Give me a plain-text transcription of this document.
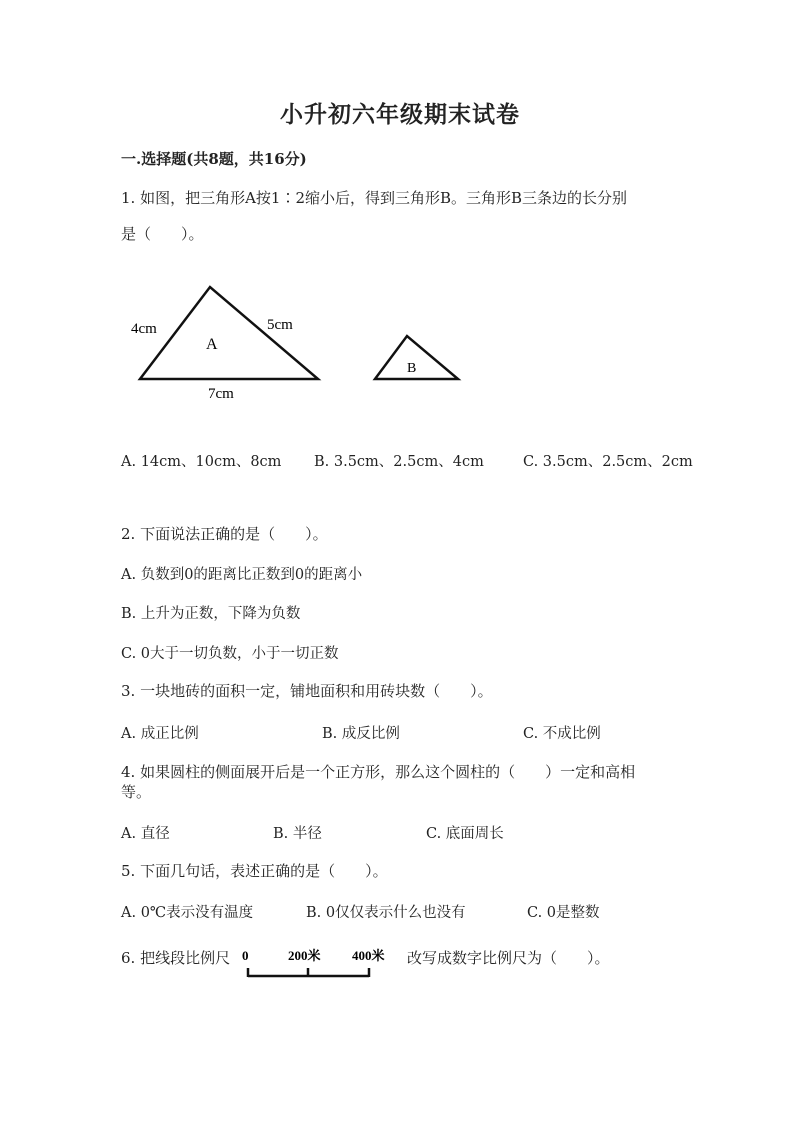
小升初六年级期末试卷
一.选择题(共8题，共16分)
1. 如图，把三角形A按1∶2缩小后，得到三角形B。三角形B三条边的长分别
是（　　）。
4cm	5cm
7cm
A
B
A. 14cm、10cm、8cm B. 3.5cm、2.5cm、4cm	C. 3.5cm、2.5cm、2cm
2. 下面说法正确的是（　　）。
A. 负数到0的距离比正数到0的距离小
B. 上升为正数，下降为负数
C. 0大于一切负数，小于一切正数
3. 一块地砖的面积一定，铺地面积和用砖块数（　　）。
A. 成正比例	B. 成反比例	C. 不成比例
4. 如果圆柱的侧面展开后是一个正方形，那么这个圆柱的（　　）一定和高相
等。
A. 直径	B. 半径	C. 底面周长
5. 下面几句话，表述正确的是（　　）。
A. 0℃表示没有温度	B. 0仅仅表示什么也没有	C. 0是整数
6. 把线段比例尺 0	200米 400米 改写成数字比例尺为（　　）。
